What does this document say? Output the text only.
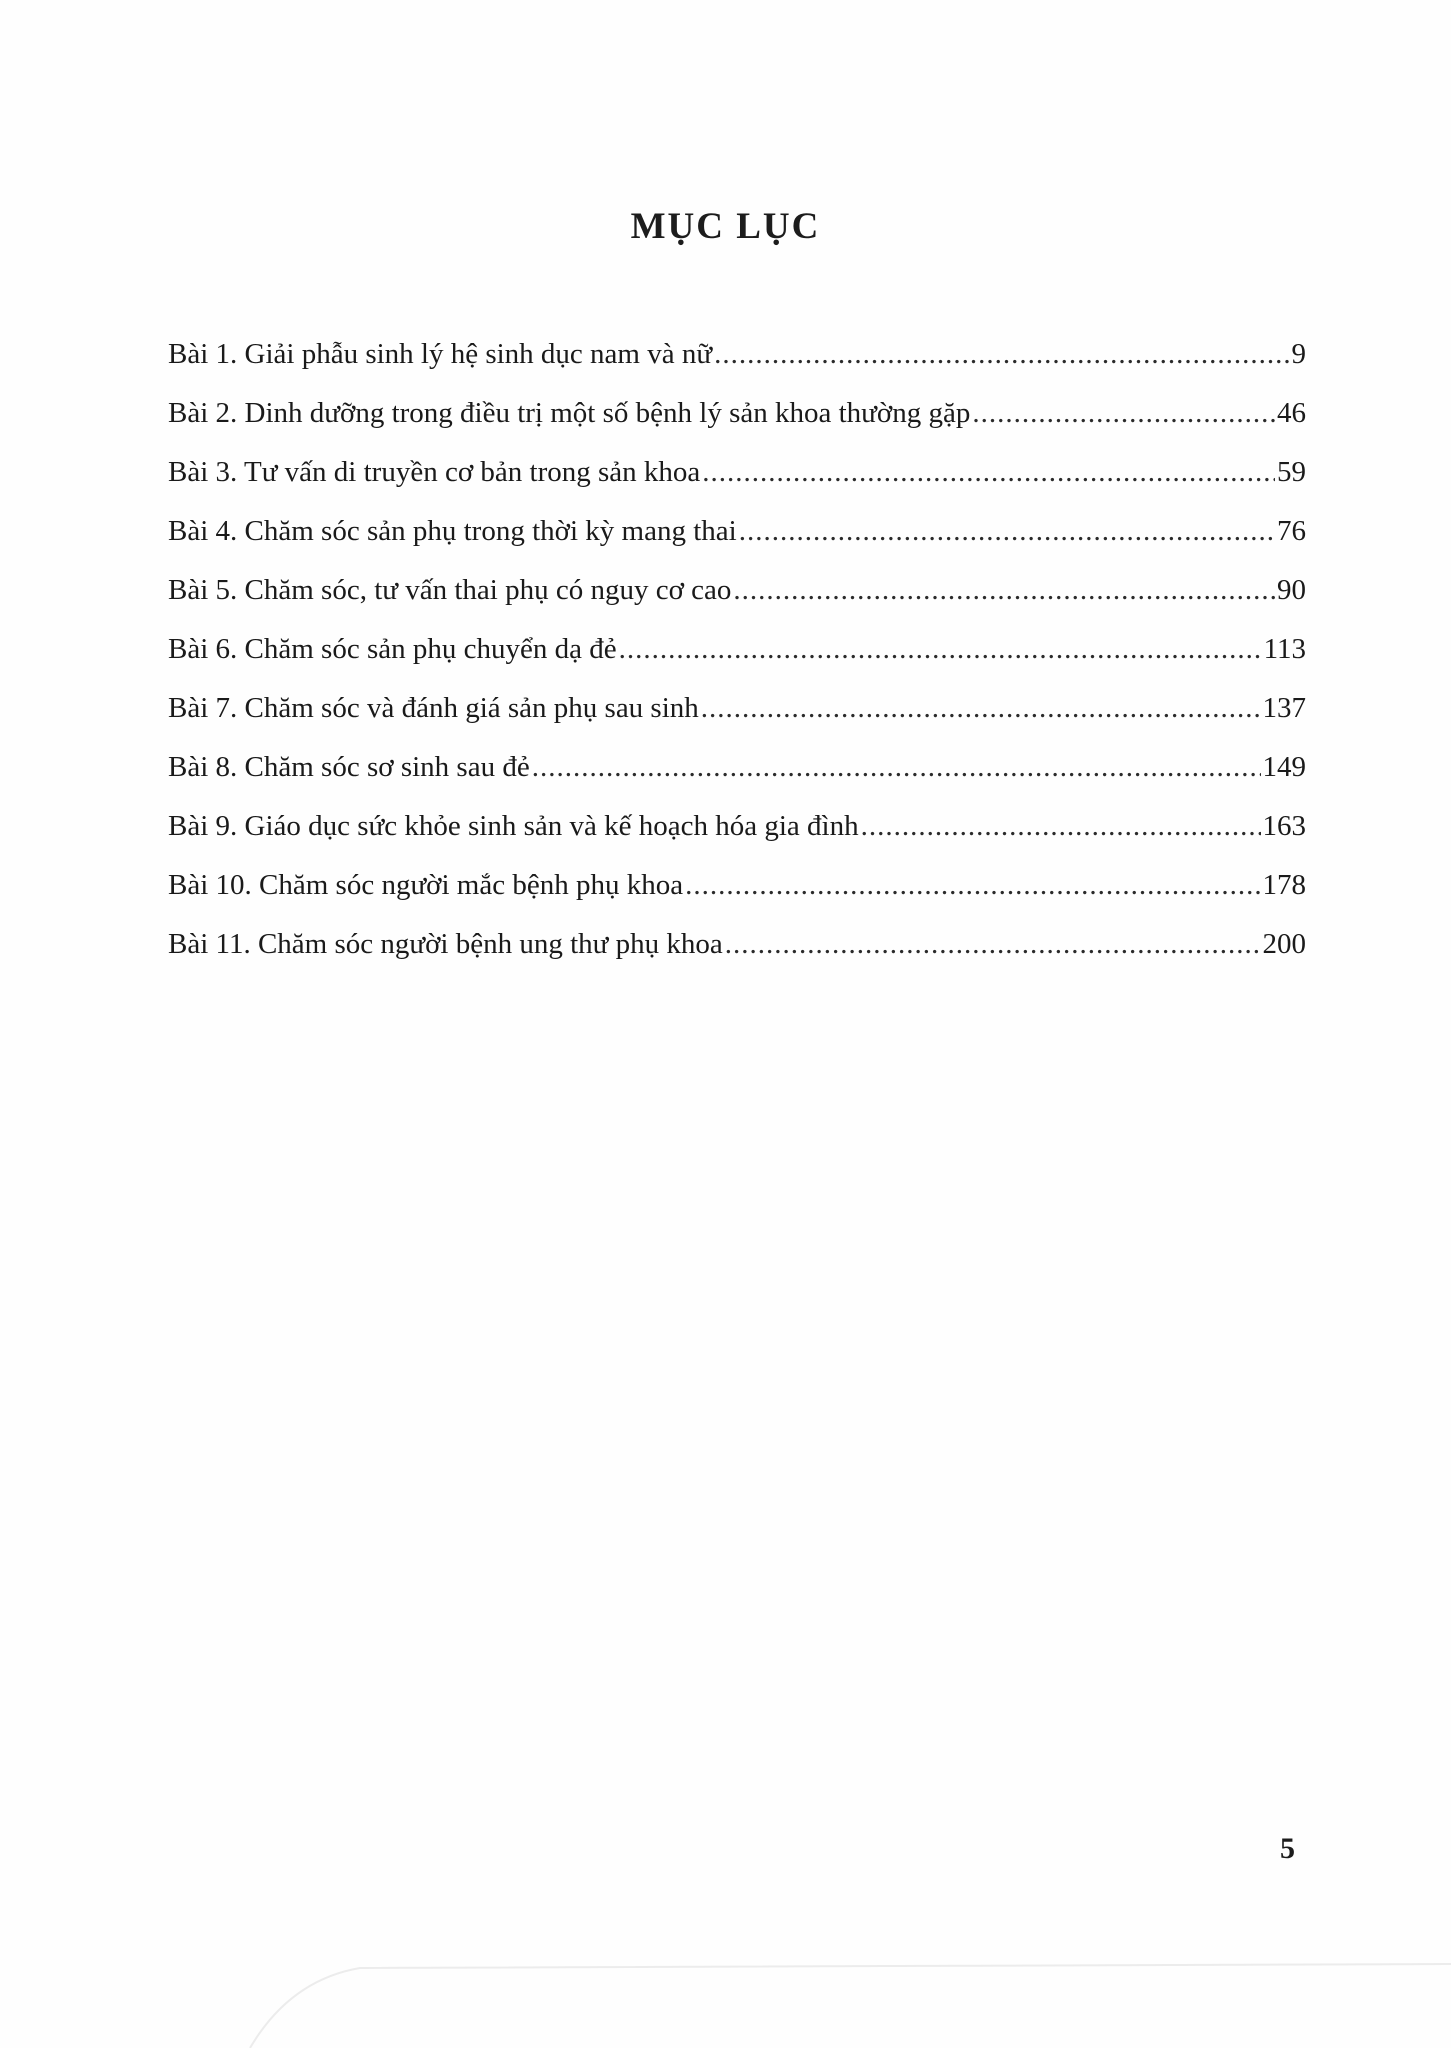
MỤC LỤC
Bài 1. Giải phẫu sinh lý hệ sinh dục nam và nữ .....	9
Bài 2. Dinh dưỡng trong điều trị một số bệnh lý sản khoa thường gặp .....	46
Bài 3. Tư vấn di truyền cơ bản trong sản khoa .....	59
Bài 4. Chăm sóc sản phụ trong thời kỳ mang thai .....	76
Bài 5. Chăm sóc, tư vấn thai phụ có nguy cơ cao .....	90
Bài 6. Chăm sóc sản phụ chuyển dạ đẻ .....	113
Bài 7. Chăm sóc và đánh giá sản phụ sau sinh .....	137
Bài 8. Chăm sóc sơ sinh sau đẻ .....	149
Bài 9. Giáo dục sức khỏe sinh sản và kế hoạch hóa gia đình .....	163
Bài 10. Chăm sóc người mắc bệnh phụ khoa .....	178
Bài 11. Chăm sóc người bệnh ung thư phụ khoa .....	200
5
